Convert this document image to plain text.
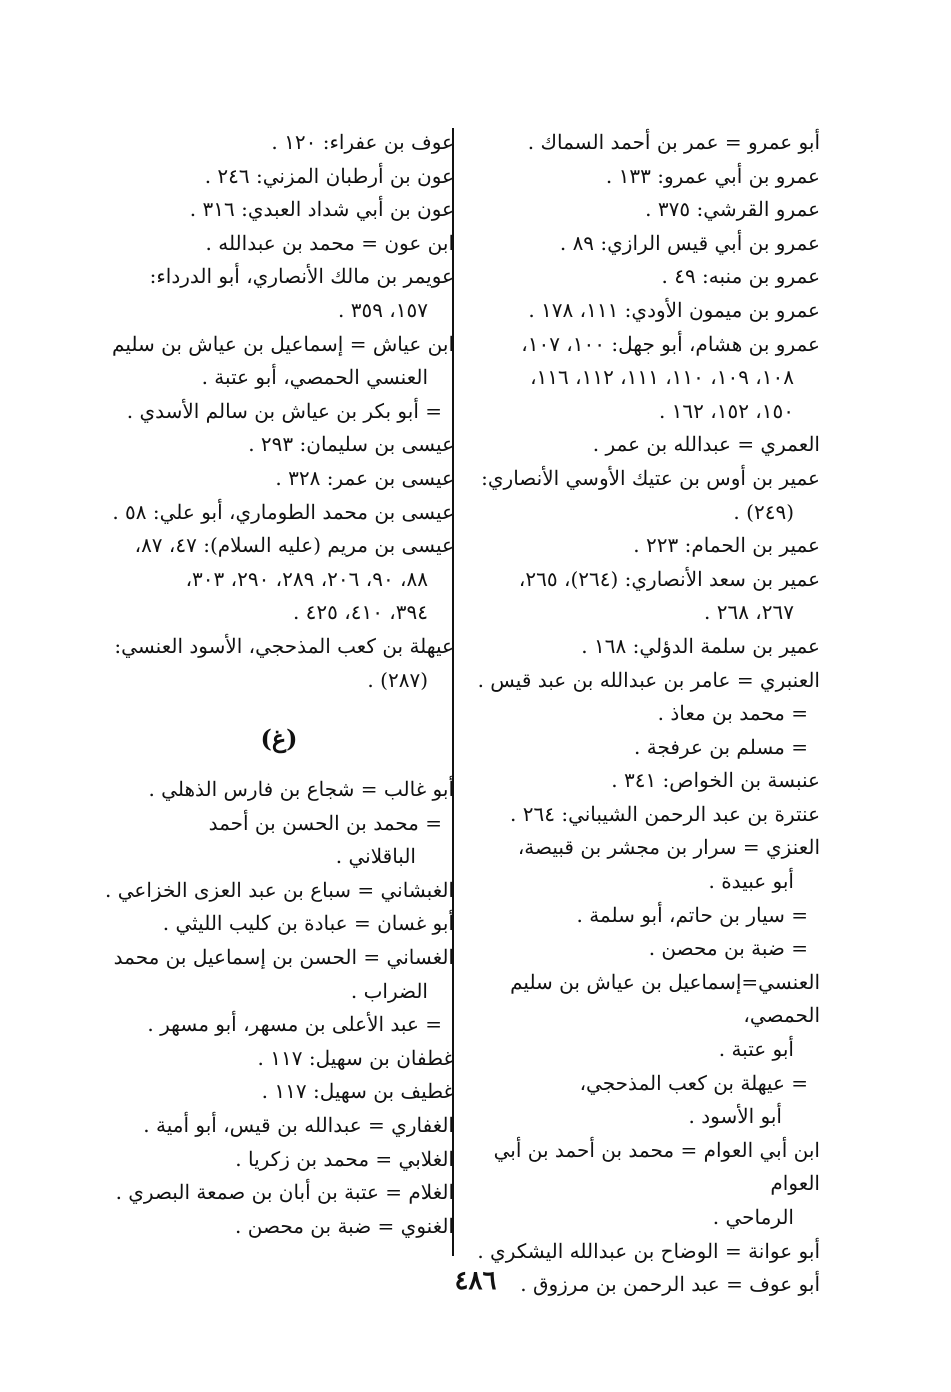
أبو عمرو = عمر بن أحمد السماك .
عمرو بن أبي عمرو: ١٣٣ .
عمرو القرشي: ٣٧٥ .
عمرو بن أبي قيس الرازي: ٨٩ .
عمرو بن منبه: ٤٩ .
عمرو بن ميمون الأودي: ١١١، ١٧٨ .
عمرو بن هشام، أبو جهل: ١٠٠، ١٠٧،
١٠٨، ١٠٩، ١١٠، ١١١، ١١٢، ١١٦،
١٥٠، ١٥٢، ١٦٢ .
العمري = عبدالله بن عمر .
عمير بن أوس بن عتيك الأوسي الأنصاري:
(٢٤٩) .
عمير بن الحمام: ٢٢٣ .
عمير بن سعد الأنصاري: (٢٦٤)، ٢٦٥،
٢٦٧، ٢٦٨ .
عمير بن سلمة الدؤلي: ١٦٨ .
العنبري = عامر بن عبدالله بن عبد قيس .
= محمد بن معاذ .
= مسلم بن عرفجة .
عنبسة بن الخواص: ٣٤١ .
عنترة بن عبد الرحمن الشيباني: ٢٦٤ .
العنزي = سرار بن مجشر بن قبيصة،
أبو عبيدة .
= سيار بن حاتم، أبو سلمة .
= ضبة بن محصن .
العنسي=إسماعيل بن عياش بن سليم الحمصي،
أبو عتبة .
= عيهلة بن كعب المذحجي،
أبو الأسود .
ابن أبي العوام = محمد بن أحمد بن أبي العوام
الرماحي .
أبو عوانة = الوضاح بن عبدالله اليشكري .
أبو عوف = عبد الرحمن بن مرزوق .
عوف بن عفراء: ١٢٠ .
عون بن أرطبان المزني: ٢٤٦ .
عون بن أبي شداد العبدي: ٣١٦ .
ابن عون = محمد بن عبدالله .
عويمر بن مالك الأنصاري، أبو الدرداء:
١٥٧، ٣٥٩ .
ابن عياش = إسماعيل بن عياش بن سليم
العنسي الحمصي، أبو عتبة .
= أبو بكر بن عياش بن سالم الأسدي .
عيسى بن سليمان: ٢٩٣ .
عيسى بن عمر: ٣٢٨ .
عيسى بن محمد الطوماري، أبو علي: ٥٨ .
عيسى بن مريم (عليه السلام): ٤٧، ٨٧،
٨٨، ٩٠، ٢٠٦، ٢٨٩، ٢٩٠، ٣٠٣،
٣٩٤، ٤١٠، ٤٢٥ .
عيهلة بن كعب المذحجي، الأسود العنسي:
(٢٨٧) .
(غ)
أبو غالب = شجاع بن فارس الذهلي .
= محمد بن الحسن بن أحمد
الباقلاني .
الغبشاني = سباع بن عبد العزى الخزاعي .
أبو غسان = عبادة بن كليب الليثي .
الغساني = الحسن بن إسماعيل بن محمد
الضراب .
= عبد الأعلى بن مسهر، أبو مسهر .
غطفان بن سهيل: ١١٧ .
غطيف بن سهيل: ١١٧ .
الغفاري = عبدالله بن قيس، أبو أمية .
الغلابي = محمد بن زكريا .
الغلام = عتبة بن أبان بن صمعة البصري .
الغنوي = ضبة بن محصن .
٤٨٦
